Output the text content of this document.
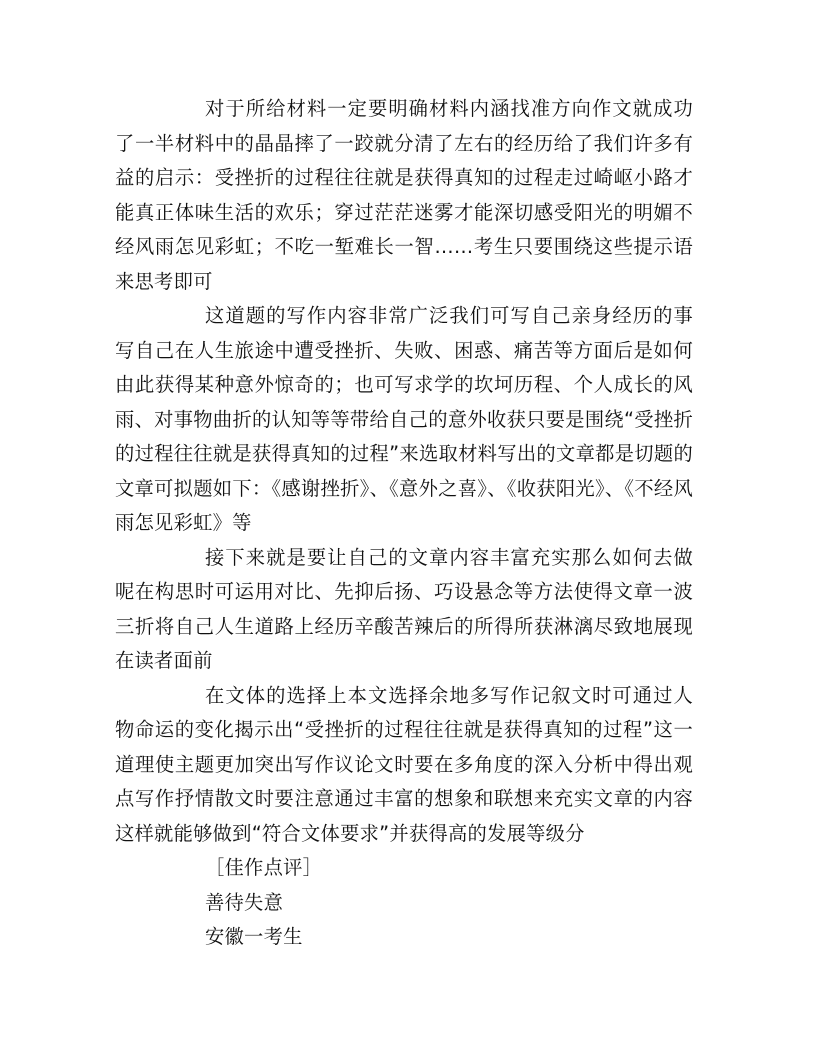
对于所给材料一定要明确材料内涵找准方向作文就成功了一半材料中的晶晶摔了一跤就分清了左右的经历给了我们许多有益的启示：受挫折的过程往往就是获得真知的过程走过崎岖小路才能真正体味生活的欢乐；穿过茫茫迷雾才能深切感受阳光的明媚不经风雨怎见彩虹；不吃一堑难长一智……考生只要围绕这些提示语来思考即可

这道题的写作内容非常广泛我们可写自己亲身经历的事写自己在人生旅途中遭受挫折、失败、困惑、痛苦等方面后是如何由此获得某种意外惊奇的；也可写求学的坎坷历程、个人成长的风雨、对事物曲折的认知等等带给自己的意外收获只要是围绕“受挫折的过程往往就是获得真知的过程”来选取材料写出的文章都是切题的文章可拟题如下：《感谢挫折》、《意外之喜》、《收获阳光》、《不经风雨怎见彩虹》等

接下来就是要让自己的文章内容丰富充实那么如何去做呢在构思时可运用对比、先抑后扬、巧设悬念等方法使得文章一波三折将自己人生道路上经历辛酸苦辣后的所得所获淋漓尽致地展现在读者面前

在文体的选择上本文选择余地多写作记叙文时可通过人物命运的变化揭示出“受挫折的过程往往就是获得真知的过程”这一道理使主题更加突出写作议论文时要在多角度的深入分析中得出观点写作抒情散文时要注意通过丰富的想象和联想来充实文章的内容这样就能够做到“符合文体要求”并获得高的发展等级分

［佳作点评］

善待失意

安徽一考生
